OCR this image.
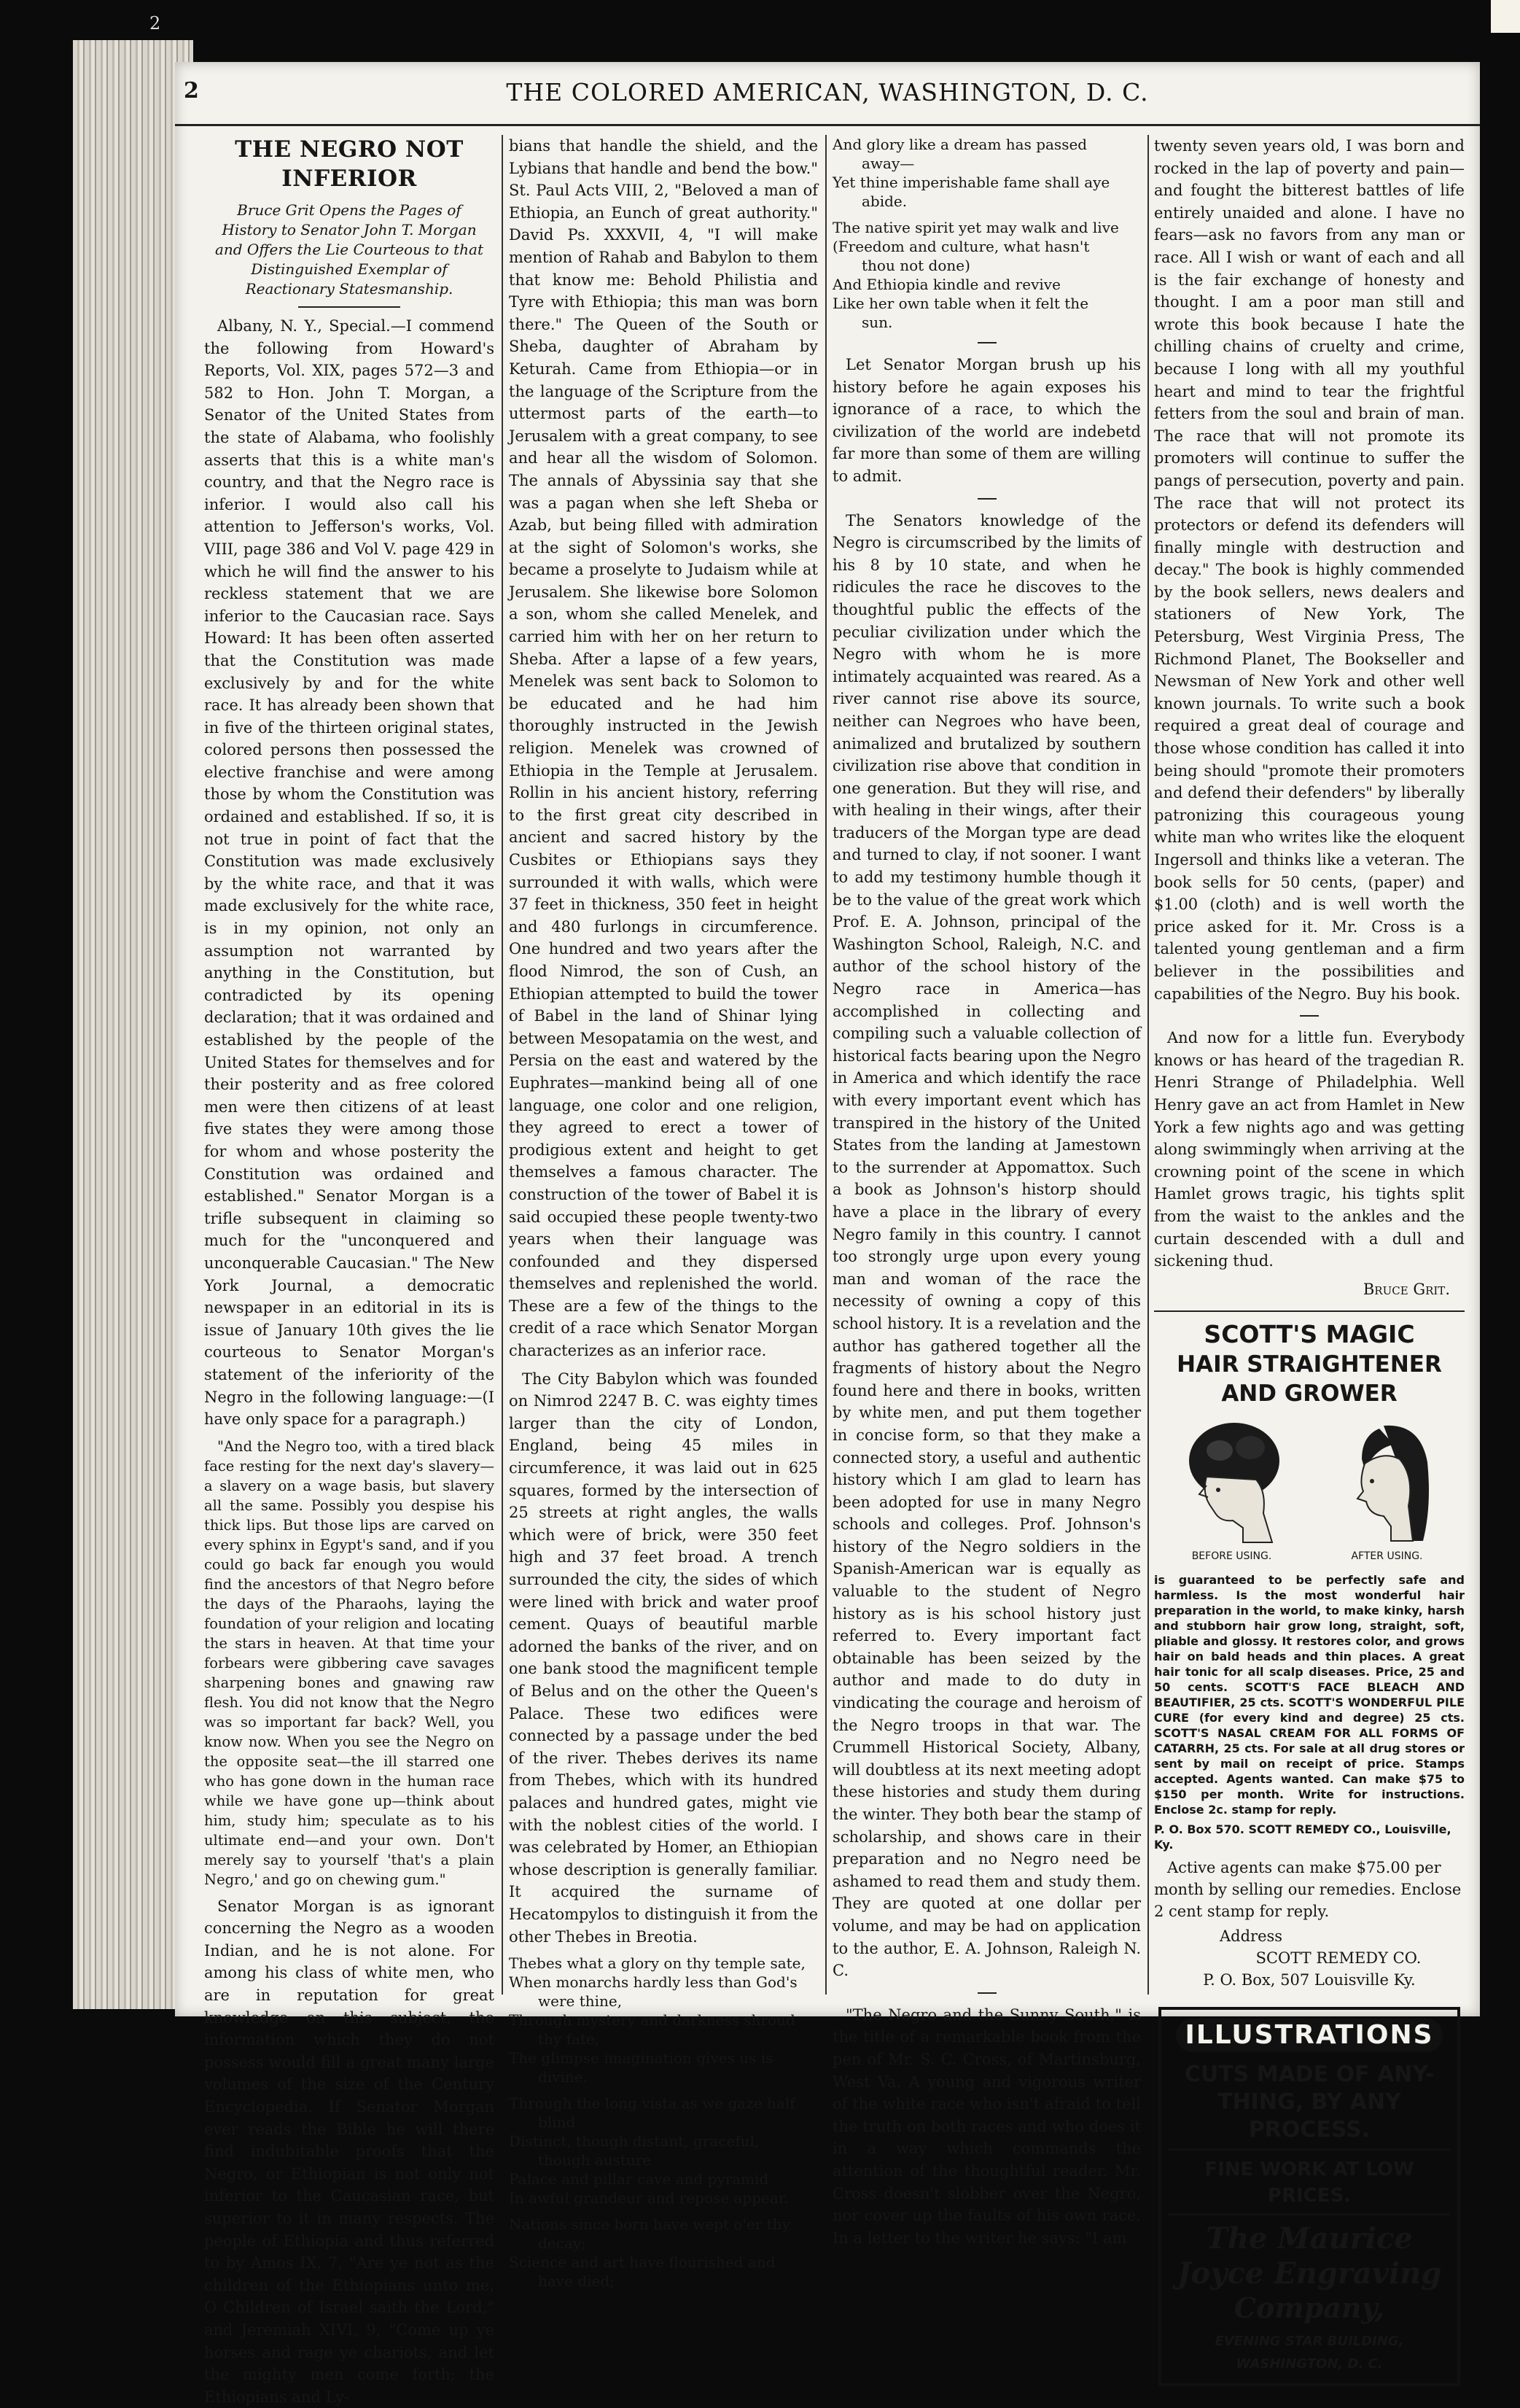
2
2	THE COLORED AMERICAN, WASHINGTON, D. C.
THE NEGRO NOT INFERIOR
Bruce Grit Opens the Pages of History to Senator John T. Morgan and Offers the Lie Courteous to that Distinguished Exemplar of Reactionary Statesmanship.

Albany, N. Y., Special.—I commend the following from Howard's Reports, Vol. XIX, pages 572—3 and 582 to Hon. John T. Morgan, a Senator of the United States from the state of Alabama, who foolishly asserts that this is a white man's country, and that the Negro race is inferior. I would also call his attention to Jefferson's works, Vol. VIII, page 386 and Vol V. page 429 in which he will find the answer to his reckless statement that we are inferior to the Caucasian race. Says Howard: It has been often asserted that the Constitution was made exclusively by and for the white race. It has already been shown that in five of the thirteen original states, colored persons then possessed the elective franchise and were among those by whom the Constitution was ordained and established. If so, it is not true in point of fact that the Constitution was made exclusively by the white race, and that it was made exclusively for the white race, is in my opinion, not only an assumption not warranted by anything in the Constitution, but contradicted by its opening declaration; that it was ordained and established by the people of the United States for themselves and for their posterity and as free colored men were then citizens of at least five states they were among those for whom and whose posterity the Constitution was ordained and established." Senator Morgan is a trifle subsequent in claiming so much for the "unconquered and unconquerable Caucasian." The New York Journal, a democratic newspaper in an editorial in its is issue of January 10th gives the lie courteous to Senator Morgan's statement of the inferiority of the Negro in the following language:—(I have only space for a paragraph.)

"And the Negro too, with a tired black face resting for the next day's slavery—a slavery on a wage basis, but slavery all the same. Possibly you despise his thick lips. But those lips are carved on every sphinx in Egypt's sand, and if you could go back far enough you would find the ancestors of that Negro before the days of the Pharaohs, laying the foundation of your religion and locating the stars in heaven. At that time your forbears were gibbering cave savages sharpening bones and gnawing raw flesh. You did not know that the Negro was so important far back? Well, you know now. When you see the Negro on the opposite seat—the ill starred one who has gone down in the human race while we have gone up—think about him, study him; speculate as to his ultimate end—and your own. Don't merely say to yourself 'that's a plain Negro,' and go on chewing gum."

Senator Morgan is as ignorant concerning the Negro as a wooden Indian, and he is not alone. For among his class of white men, who are in reputation for great knowledge on this subject, the information which they do not possess would fill a great many large volumes of the size of the Century Encyclopedia. If Senator Morgan ever reads the Bible he will there find indubitable proofs that the Negro, or Ethiopian is not only not inferior to the Caucasian race, but superior to it in many respects. The people of Ethiopia and thus referred to by Amos IX, 7, "Are ye not as the children of the Ethiopians unto me, O Children of Israel saith the Lord," and Jeremiah XIVI, 9, "Come up ye horses and rage ye chariots, and let the mighty men come forth; the Ethiopians and Ly-

bians that handle the shield, and the Lybians that handle and bend the bow." St. Paul Acts VIII, 2, "Beloved a man of Ethiopia, an Eunch of great authority." David Ps. XXXVII, 4, "I will make mention of Rahab and Babylon to them that know me: Behold Philistia and Tyre with Ethiopia; this man was born there." The Queen of the South or Sheba, daughter of Abraham by Keturah. Came from Ethiopia—or in the language of the Scripture from the uttermost parts of the earth—to Jerusalem with a great company, to see and hear all the wisdom of Solomon. The annals of Abyssinia say that she was a pagan when she left Sheba or Azab, but being filled with admiration at the sight of Solomon's works, she became a proselyte to Judaism while at Jerusalem. She likewise bore Solomon a son, whom she called Menelek, and carried him with her on her return to Sheba. After a lapse of a few years, Menelek was sent back to Solomon to be educated and he had him thoroughly instructed in the Jewish religion. Menelek was crowned of Ethiopia in the Temple at Jerusalem. Rollin in his ancient history, referring to the first great city described in ancient and sacred history by the Cusbites or Ethiopians says they surrounded it with walls, which were 37 feet in thickness, 350 feet in height and 480 furlongs in circumference. One hundred and two years after the flood Nimrod, the son of Cush, an Ethiopian attempted to build the tower of Babel in the land of Shinar lying between Mesopatamia on the west, and Persia on the east and watered by the Euphrates—mankind being all of one language, one color and one religion, they agreed to erect a tower of prodigious extent and height to get themselves a famous character. The construction of the tower of Babel it is said occupied these people twenty-two years when their language was confounded and they dispersed themselves and replenished the world. These are a few of the things to the credit of a race which Senator Morgan characterizes as an inferior race.

The City Babylon which was founded on Nimrod 2247 B. C. was eighty times larger than the city of London, England, being 45 miles in circumference, it was laid out in 625 squares, formed by the intersection of 25 streets at right angles, the walls which were of brick, were 350 feet high and 37 feet broad. A trench surrounded the city, the sides of which were lined with brick and water proof cement. Quays of beautiful marble adorned the banks of the river, and on one bank stood the magnificent temple of Belus and on the other the Queen's Palace. These two edifices were connected by a passage under the bed of the river. Thebes derives its name from Thebes, which with its hundred palaces and hundred gates, might vie with the noblest cities of the world. I was celebrated by Homer, an Ethiopian whose description is generally familiar. It acquired the surname of Hecatompylos to distinguish it from the other Thebes in Breotia.

Thebes what a glory on thy temple sate,
When monarchs hardly less than God's
were thine,
Through mystery and darkness shroud
thy fate,
The glimpse imagination gives us is
divine.
Through the long vista as we gaze half
blind
Distinct, though distant, graceful,
though austure
Palace and pillar cave and pyramid
In awful grandeur and repose appear.
Nations since born have wept o'er thy
decay;
Science and art have flourished and
have died;
And glory like a dream has passed
away—
Yet thine imperishable fame shall aye
abide.
The native spirit yet may walk and live
(Freedom and culture, what hasn't
thou not done)
And Ethiopia kindle and revive
Like her own table when it felt the
sun.

Let Senator Morgan brush up his history before he again exposes his ignorance of a race, to which the civilization of the world are indebetd far more than some of them are willing to admit.

The Senators knowledge of the Negro is circumscribed by the limits of his 8 by 10 state, and when he ridicules the race he discoves to the thoughtful public the effects of the peculiar civilization under which the Negro with whom he is more intimately acquainted was reared. As a river cannot rise above its source, neither can Negroes who have been, animalized and brutalized by southern civilization rise above that condition in one generation. But they will rise, and with healing in their wings, after their traducers of the Morgan type are dead and turned to clay, if not sooner. I want to add my testimony humble though it be to the value of the great work which Prof. E. A. Johnson, principal of the Washington School, Raleigh, N.C. and author of the school history of the Negro race in America—has accomplished in collecting and compiling such a valuable collection of historical facts bearing upon the Negro in America and which identify the race with every important event which has transpired in the history of the United States from the landing at Jamestown to the surrender at Appomattox. Such a book as Johnson's historp should have a place in the library of every Negro family in this country. I cannot too strongly urge upon every young man and woman of the race the necessity of owning a copy of this school history. It is a revelation and the author has gathered together all the fragments of history about the Negro found here and there in books, written by white men, and put them together in concise form, so that they make a connected story, a useful and authentic history which I am glad to learn has been adopted for use in many Negro schools and colleges. Prof. Johnson's history of the Negro soldiers in the Spanish-American war is equally as valuable to the student of Negro history as is his school history just referred to. Every important fact obtainable has been seized by the author and made to do duty in vindicating the courage and heroism of the Negro troops in that war. The Crummell Historical Society, Albany, will doubtless at its next meeting adopt these histories and study them during the winter. They both bear the stamp of scholarship, and shows care in their preparation and no Negro need be ashamed to read them and study them. They are quoted at one dollar per volume, and may be had on application to the author, E. A. Johnson, Raleigh N. C.

"The Negro and the Sunny South," is the title of a remarkable book from the pen of Mr. S. C. Cross, of Martinsburg, West Va. A young and vigorous writer of the white race who isn't afraid to tell the truth on both races and who does it in a way which commands the attention of the thoughtful reader. Mr. Cross doesn't slobber over the Negro, nor cover up the faults of his own race. In a letter to the writer he says: "I am

twenty seven years old, I was born and rocked in the lap of poverty and pain—and fought the bitterest battles of life entirely unaided and alone. I have no fears—ask no favors from any man or race. All I wish or want of each and all is the fair exchange of honesty and thought. I am a poor man still and wrote this book because I hate the chilling chains of cruelty and crime, because I long with all my youthful heart and mind to tear the frightful fetters from the soul and brain of man. The race that will not promote its promoters will continue to suffer the pangs of persecution, poverty and pain. The race that will not protect its protectors or defend its defenders will finally mingle with destruction and decay." The book is highly commended by the book sellers, news dealers and stationers of New York, The Petersburg, West Virginia Press, The Richmond Planet, The Bookseller and Newsman of New York and other well known journals. To write such a book required a great deal of courage and those whose condition has called it into being should "promote their promoters and defend their defenders" by liberally patronizing this courageous young white man who writes like the eloquent Ingersoll and thinks like a veteran. The book sells for 50 cents, (paper) and $1.00 (cloth) and is well worth the price asked for it. Mr. Cross is a talented young gentleman and a firm believer in the possibilities and capabilities of the Negro. Buy his book.

And now for a little fun. Everybody knows or has heard of the tragedian R. Henri Strange of Philadelphia. Well Henry gave an act from Hamlet in New York a few nights ago and was getting along swimmingly when arriving at the crowning point of the scene in which Hamlet grows tragic, his tights split from the waist to the ankles and the curtain descended with a dull and sickening thud.

Bruce Grit.
SCOTT'S MAGIC
HAIR STRAIGHTENER AND GROWER
BEFORE USING.	AFTER USING.
is guaranteed to be perfectly safe and harmless. Is the most wonderful hair preparation in the world, to make kinky, harsh and stubborn hair grow long, straight, soft, pliable and glossy. It restores color, and grows hair on bald heads and thin places. A great hair tonic for all scalp diseases. Price, 25 and 50 cents. SCOTT'S FACE BLEACH AND BEAUTIFIER, 25 cts. SCOTT'S WONDERFUL PILE CURE (for every kind and degree) 25 cts. SCOTT'S NASAL CREAM FOR ALL FORMS OF CATARRH, 25 cts. For sale at all drug stores or sent by mail on receipt of price. Stamps accepted. Agents wanted. Can make $75 to $150 per month. Write for instructions. Enclose 2c. stamp for reply.
P. O. Box 570. SCOTT REMEDY CO., Louisville, Ky.

Active agents can make $75.00 per month by selling our remedies. Enclose 2 cent stamp for reply.

Address
SCOTT REMEDY CO.
P. O. Box, 507 Louisville Ky.
ILLUSTRATIONS
CUTS MADE OF ANY-
THING, BY ANY PROCESS.
FINE WORK AT LOW PRICES.
The Maurice Joyce Engraving
Company,
EVENING STAR BUILDING, WASHINGTON, D. C.
